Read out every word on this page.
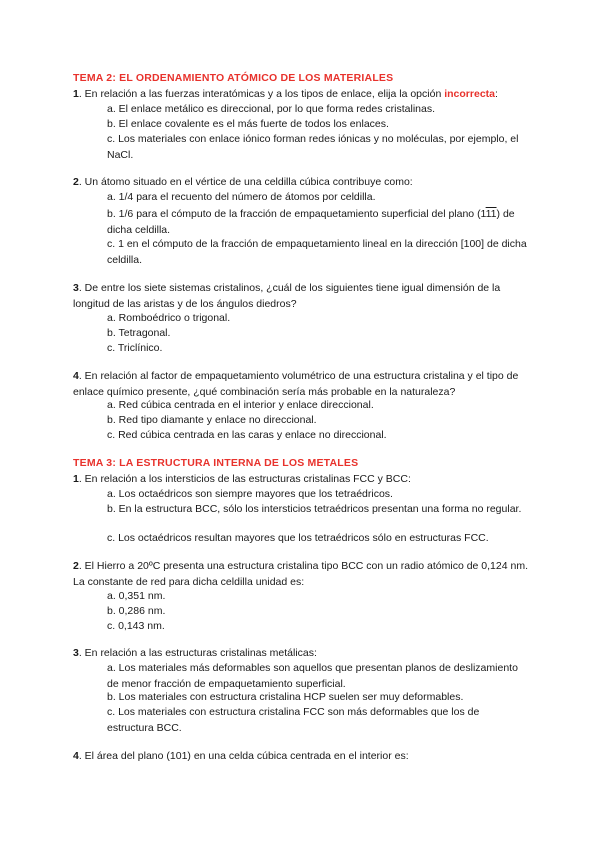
TEMA 2: EL ORDENAMIENTO ATÓMICO DE LOS MATERIALES
1. En relación a las fuerzas interatómicas y a los tipos de enlace, elija la opción incorrecta:
a. El enlace metálico es direccional, por lo que forma redes cristalinas.
b. El enlace covalente es el más fuerte de todos los enlaces.
c. Los materiales con enlace iónico forman redes iónicas y no moléculas, por ejemplo, el NaCl.
2. Un átomo situado en el vértice de una celdilla cúbica contribuye como:
a. 1/4 para el recuento del número de átomos por celdilla.
b. 1/6 para el cómputo de la fracción de empaquetamiento superficial del plano (111) de dicha celdilla.
c. 1 en el cómputo de la fracción de empaquetamiento lineal en la dirección [100] de dicha celdilla.
3. De entre los siete sistemas cristalinos, ¿cuál de los siguientes tiene igual dimensión de la longitud de las aristas y de los ángulos diedros?
a. Romboédrico o trigonal.
b. Tetragonal.
c. Triclínico.
4. En relación al factor de empaquetamiento volumétrico de una estructura cristalina y el tipo de enlace químico presente, ¿qué combinación sería más probable en la naturaleza?
a. Red cúbica centrada en el interior y enlace direccional.
b. Red tipo diamante y enlace no direccional.
c. Red cúbica centrada en las caras y enlace no direccional.
TEMA 3: LA ESTRUCTURA INTERNA DE LOS METALES
1. En relación a los intersticios de las estructuras cristalinas FCC y BCC:
a. Los octaédricos son siempre mayores que los tetraédricos.
b. En la estructura BCC, sólo los intersticios tetraédricos presentan una forma no regular.
c. Los octaédricos resultan mayores que los tetraédricos sólo en estructuras FCC.
2. El Hierro a 20ºC presenta una estructura cristalina tipo BCC con un radio atómico de 0,124 nm. La constante de red para dicha celdilla unidad es:
a. 0,351 nm.
b. 0,286 nm.
c. 0,143 nm.
3. En relación a las estructuras cristalinas metálicas:
a. Los materiales más deformables son aquellos que presentan planos de deslizamiento de menor fracción de empaquetamiento superficial.
b. Los materiales con estructura cristalina HCP suelen ser muy deformables.
c. Los materiales con estructura cristalina FCC son más deformables que los de estructura BCC.
4. El área del plano (101) en una celda cúbica centrada en el interior es:
